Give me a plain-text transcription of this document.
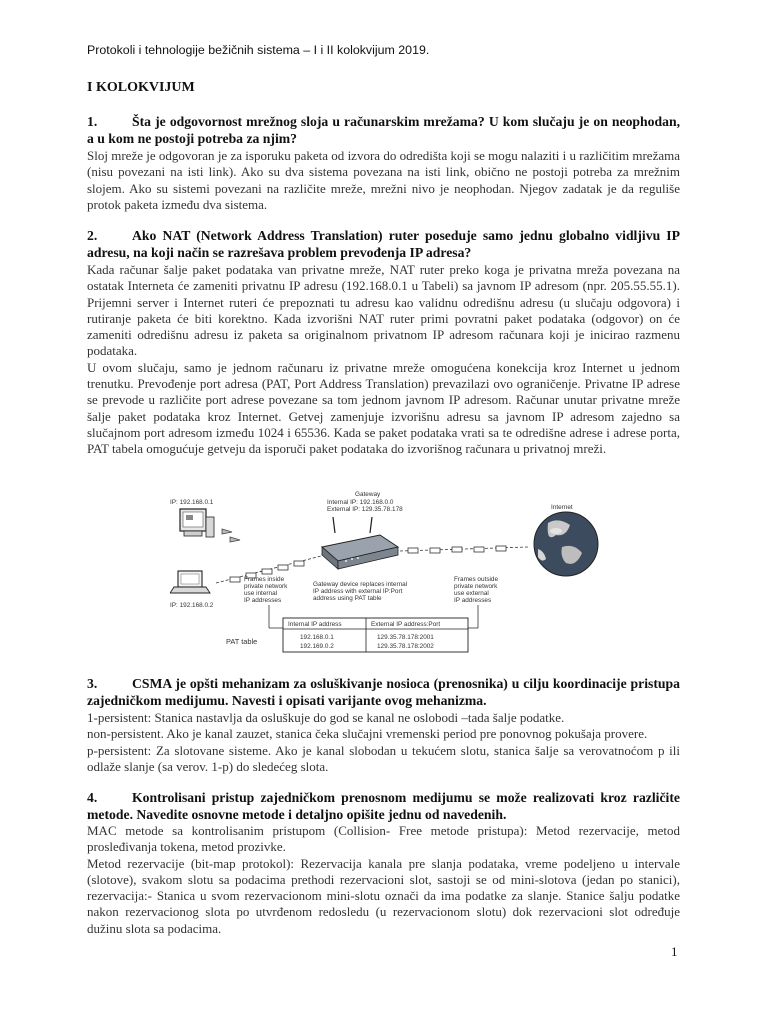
Protokoli i tehnologije bežičnih sistema – I i II kolokvijum 2019.
I KOLOKVIJUM
1.	Šta je odgovornost mrežnog sloja u računarskim mrežama? U kom slučaju je on neophodan, a u kom ne postoji potreba za njim?

Sloj mreže je odgovoran je za isporuku paketa od izvora do odredišta koji se mogu nalaziti i u različitim mrežama (nisu povezani na isti link). Ako su dva sistema povezana na isti link, obično ne postoji potreba za mrežnim slojem. Ako su sistemi povezani na različite mreže, mrežni nivo je neophodan. Njegov zadatak je da reguliše protok paketa između dva sistema.

2.	Ako NAT (Network Address Translation) ruter poseduje samo jednu globalno vidljivu IP adresu, na koji način se razrešava problem prevođenja IP adresa?

Kada računar šalje paket podataka van privatne mreže, NAT ruter preko koga je privatna mreža povezana na ostatak Interneta će zameniti privatnu IP adresu (192.168.0.1 u Tabeli) sa javnom IP adresom (npr. 205.55.55.1). Prijemni server i Internet ruteri će prepoznati tu adresu kao validnu odredišnu adresu (u slučaju odgovora) i rutiranje paketa će biti korektno. Kada izvorišni NAT ruter primi povratni paket podataka (odgovor) on će zameniti odredišnu adresu iz paketa sa originalnom privatnom IP adresom računara koji je inicirao razmenu podataka.

U ovom slučaju, samo je jednom računaru iz privatne mreže omogućena konekcija kroz Internet u jednom trenutku. Prevođenje port adresa (PAT, Port Address Translation) prevazilazi ovo ograničenje. Privatne IP adrese se prevode u različite port adrese povezane sa tom jednom javnom IP adresom. Računar unutar privatne mreže šalje paket podataka kroz Internet. Getvej zamenjuje izvorišnu adresu sa javnom IP adresom zajedno sa slučajnom port adresom između 1024 i 65536. Kada se paket podataka vrati sa te odredišne adrese i adrese porta, PAT tabela omogućuje getveju da isporuči paket podataka do izvorišnog računara u privatnoj mreži.

IP: 192.168.0.1
IP: 192.168.0.2
Frames inside
private network
use internal
IP addresses
Gateway
Internal IP: 192.168.0.0
External IP: 129.35.78.178
Frames outside
private network
use external
IP addresses
Internet
Gateway device replaces internal
IP address with external IP:Port
address using PAT table
PAT table
Internal IP address	External IP address:Port
192.168.0.1	129.35.78.178:2001
192.169.0.2	129.35.78.178:2002
3.	CSMA je opšti mehanizam za osluškivanje nosioca (prenosnika) u cilju koordinacije pristupa zajedničkom medijumu. Navesti i opisati varijante ovog mehanizma.

1-persistent: Stanica nastavlja da osluškuje do god se kanal ne oslobodi –tada šalje podatke.

non-persistent. Ako je kanal zauzet, stanica čeka slučajni vremenski period pre ponovnog pokušaja provere.

p-persistent: Za slotovane sisteme. Ako je kanal slobodan u tekućem slotu, stanica šalje sa verovatnoćom p ili odlaže slanje (sa verov. 1-p) do sledećeg slota.

4.	Kontrolisani pristup zajedničkom prenosnom medijumu se može realizovati kroz različite metode. Navedite osnovne metode i detaljno opišite jednu od navedenih.

MAC metode sa kontrolisanim pristupom (Collision- Free metode pristupa): Metod rezervacije, metod prosleđivanja tokena, metod prozivke.

Metod rezervacije (bit-map protokol): Rezervacija kanala pre slanja podataka, vreme podeljeno u intervale (slotove), svakom slotu sa podacima prethodi rezervacioni slot, sastoji se od mini-slotova (jedan po stanici), rezervacija:- Stanica u svom rezervacionom mini-slotu označi da ima podatke za slanje. Stanice šalju podatke nakon rezervacionog slota po utvrđenom redosledu (u rezervacionom slotu) dok rezervacioni slot određuje dužinu slota sa podacima.

1
